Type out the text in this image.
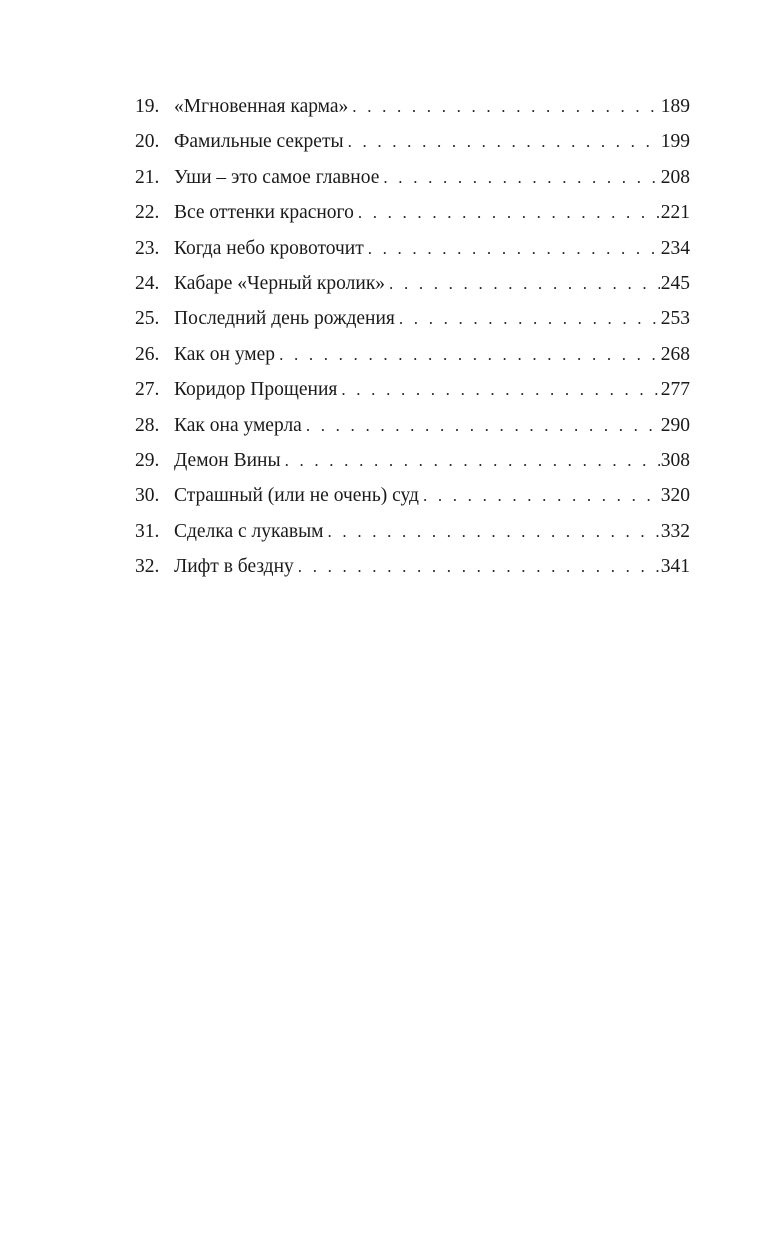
19. «Мгновенная карма» . . .	189
20. Фамильные секреты . . .	199
21. Уши – это самое главное . . .	208
22. Все оттенки красного . . .	221
23. Когда небо кровоточит . . .	234
24. Кабаре «Черный кролик» . . .	245
25. Последний день рождения . . .	253
26. Как он умер . . .	268
27. Коридор Прощения . . .	277
28. Как она умерла . . .	290
29. Демон Вины . . .	308
30. Страшный (или не очень) суд . . .	320
31. Сделка с лукавым . . .	332
32. Лифт в бездну . . .	341
